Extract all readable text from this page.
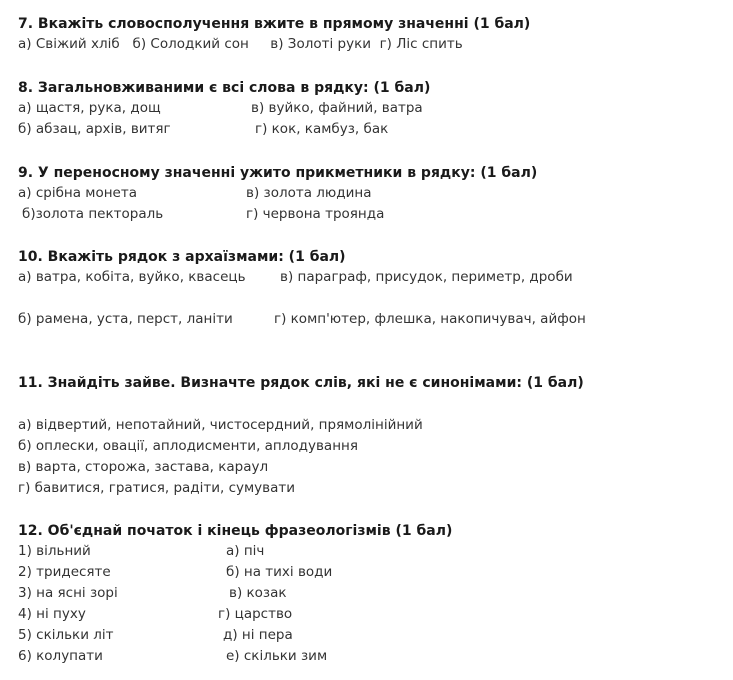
7. Вкажіть словосполучення вжите в прямому значенні (1 бал)
а) Свіжий хліб   б) Солодкий сон     в) Золоті руки  г) Ліс спить
8. Загальновживаними є всі слова в рядку: (1 бал)
а) щастя, рука, дощ	в) вуйко, файний, ватра
б) абзац, архів, витяг	г) кок, камбуз, бак
9. У переносному значенні ужито прикметники в рядку: (1 бал)
а) срібна монета	в) золота людина
б)золота пектораль	г) червона троянда
10. Вкажіть рядок з архаїзмами: (1 бал)
а) ватра, кобіта, вуйко, квасець	в) параграф, присудок, периметр, дроби
б) рамена, уста, перст, ланіти	г) комп'ютер, флешка, накопичувач, айфон
11. Знайдіть зайве. Визначте рядок слів, які не є синонімами: (1 бал)
а) відвертий, непотайний, чистосердний, прямолінійний
б) оплески, овації, аплодисменти, аплодування
в) варта, сторожа, застава, караул
г) бавитися, гратися, радіти, сумувати
12. Об'єднай початок і кінець фразеологізмів (1 бал)
1) вільний	а) піч
2) тридесяте	б) на тихі води
3) на ясні зорі	в) козак
4) ні пуху	г) царство
5) скільки літ	д) ні пера
6) колупати	е) скільки зим
